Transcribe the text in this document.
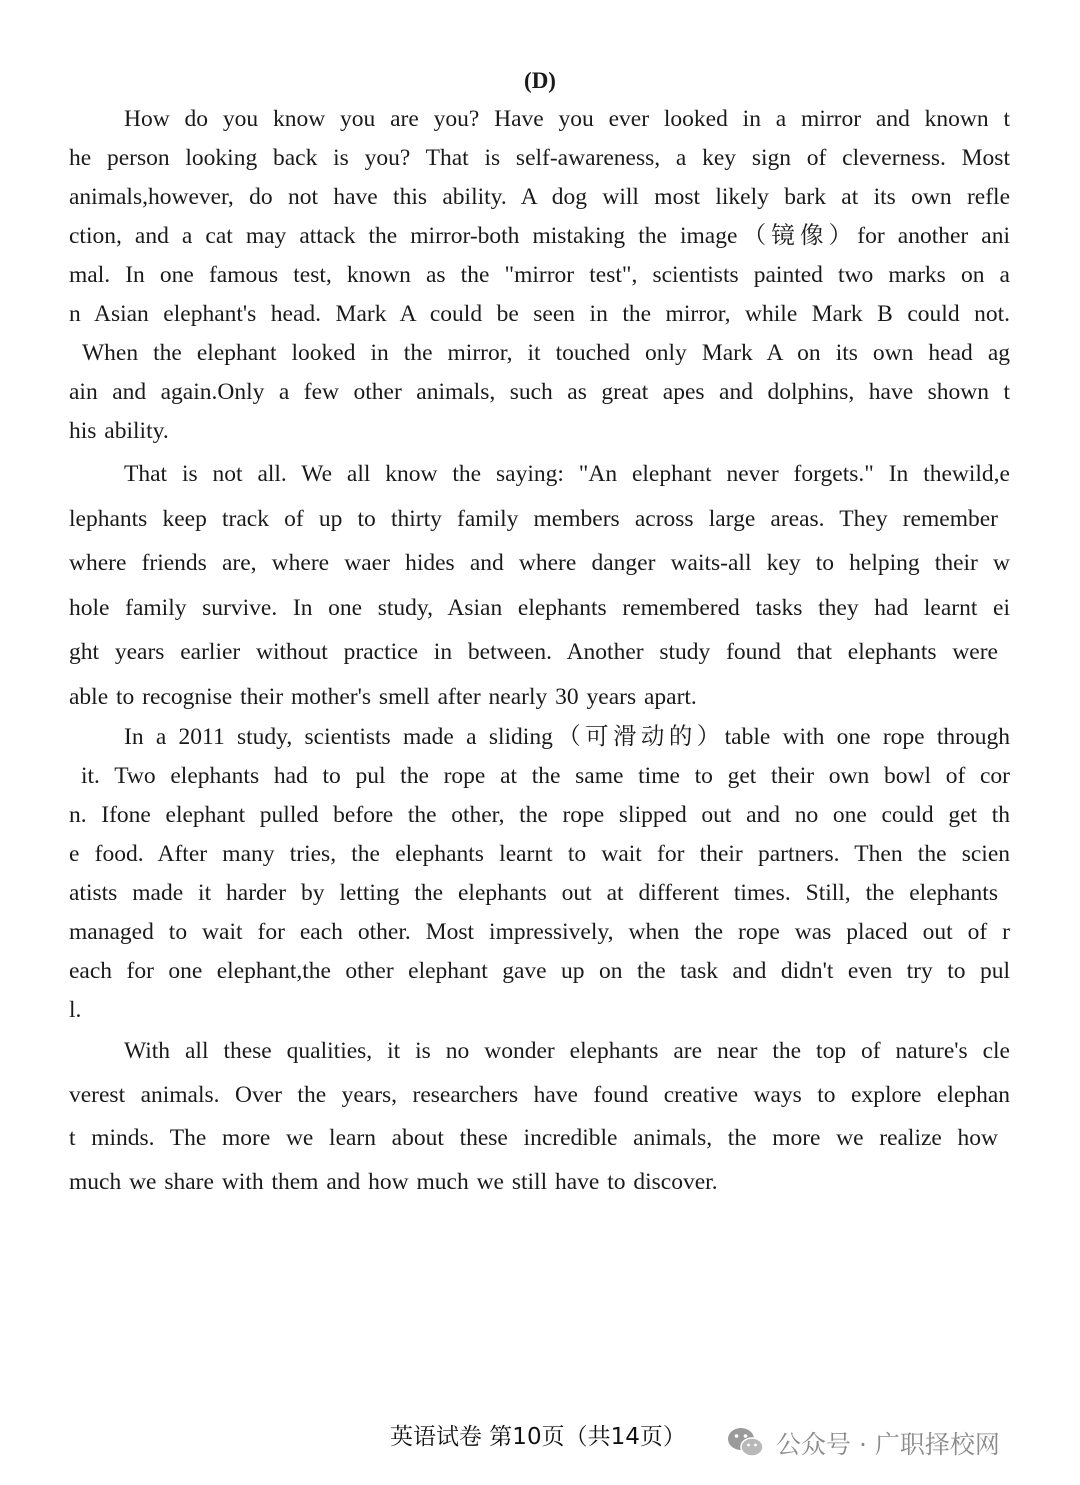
(D)
How do you know you are you? Have you ever looked in a mirror and known t
he person looking back is you? That is self-awareness, a key sign of cleverness. Most
animals,however, do not have this ability. A dog will most likely bark at its own refle
ction, and a cat may attack the mirror-both mistaking the image（镜像）for another ani
mal. In one famous test, known as the "mirror test", scientists painted two marks on a
n Asian elephant's head. Mark A could be seen in the mirror, while Mark B could not.
When the elephant looked in the mirror, it touched only Mark A on its own head ag
ain and again.Only a few other animals, such as great apes and dolphins, have shown t
his ability.
That is not all. We all know the saying: "An elephant never forgets." In thewild,e
lephants keep track of up to thirty family members across large areas. They remember
where friends are, where waer hides and where danger waits-all key to helping their w
hole family survive. In one study, Asian elephants remembered tasks they had learnt ei
ght years earlier without practice in between. Another study found that elephants were
able to recognise their mother's smell after nearly 30 years apart.
In a 2011 study, scientists made a sliding（可滑动的）table with one rope through
it. Two elephants had to pul the rope at the same time to get their own bowl of cor
n. Ifone elephant pulled before the other, the rope slipped out and no one could get th
e food. After many tries, the elephants learnt to wait for their partners. Then the scien
atists made it harder by letting the elephants out at different times. Still, the elephants
managed to wait for each other. Most impressively, when the rope was placed out of r
each for one elephant,the other elephant gave up on the task and didn't even try to pul
l.
With all these qualities, it is no wonder elephants are near the top of nature's cle
verest animals. Over the years, researchers have found creative ways to explore elephan
t minds. The more we learn about these incredible animals, the more we realize how
much we share with them and how much we still have to discover.
英语试卷 第10页（共14页）	公众号 · 广职择校网
